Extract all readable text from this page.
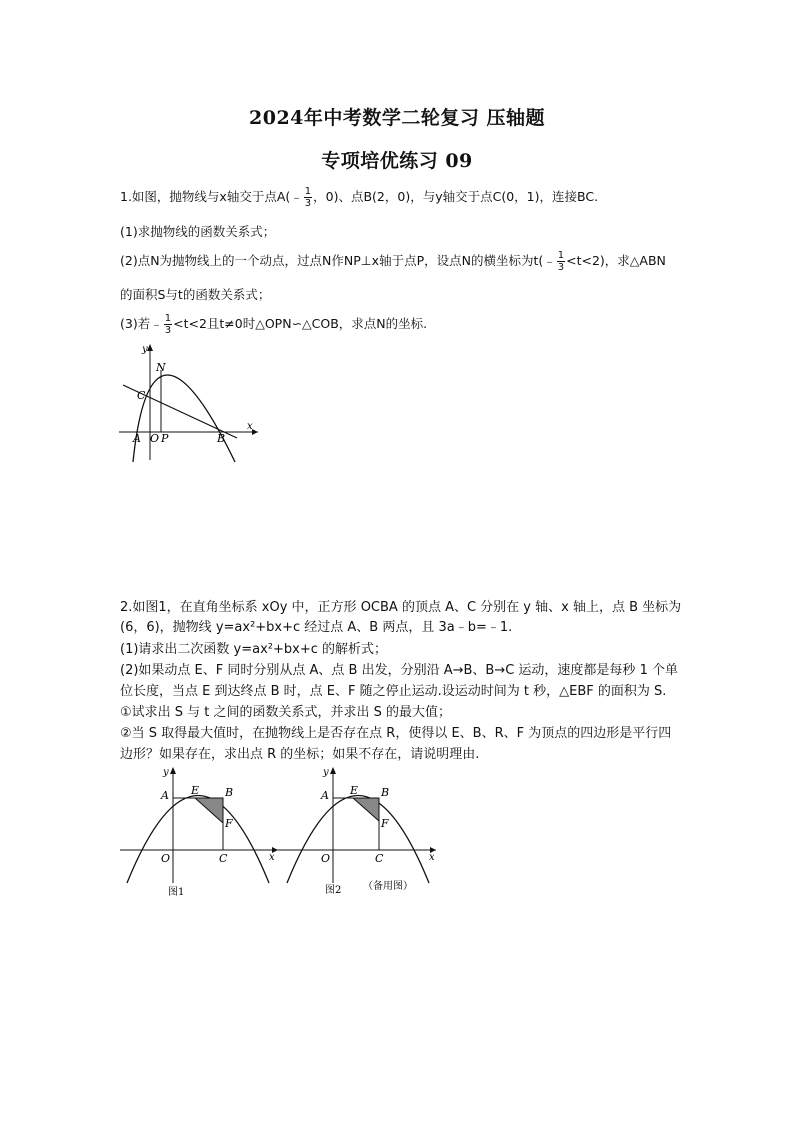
2024年中考数学二轮复习 压轴题
专项培优练习 09
1.如图，抛物线与x轴交于点A(﹣ $\frac{1}{3}$ ，0)、点B(2，0)，与y轴交于点C(0，1)，连接BC.
(1)求抛物线的函数关系式；
(2)点N为抛物线上的一个动点，过点N作NP⊥x轴于点P，设点N的横坐标为t(﹣ $\frac{1}{3} <t<2$)，求△ABN
的面积S与t的函数关系式；
(3)若﹣ $\frac{1}{3} <t<2$且t≠0时△OPN∽△COB，求点N的坐标.
x
y
N
C
A O P	B
2.如图1，在直角坐标系 xOy 中，正方形 OCBA 的顶点 A、C 分别在 y 轴、x 轴上，点 B 坐标为
(6，6)，抛物线 y=ax²+bx+c 经过点 A、B 两点，且 3a﹣b=﹣1.
(1)请求出二次函数 y=ax²+bx+c 的解析式；
(2)如果动点 E、F 同时分别从点 A、点 B 出发，分别沿 A→B、B→C 运动，速度都是每秒 1 个单
位长度，当点 E 到达终点 B 时，点 E、F 随之停止运动.设运动时间为 t 秒，△EBF 的面积为 S.
①试求出 S 与 t 之间的函数关系式，并求出 S 的最大值；
②当 S 取得最大值时，在抛物线上是否存在点 R，使得以 E、B、R、F 为顶点的四边形是平行四
边形？如果存在，求出点 R 的坐标；如果不存在，请说明理由.
A E B
F
O	C	x
y
图1
A E B
F
O	C	x
y
图2 （备用图）
